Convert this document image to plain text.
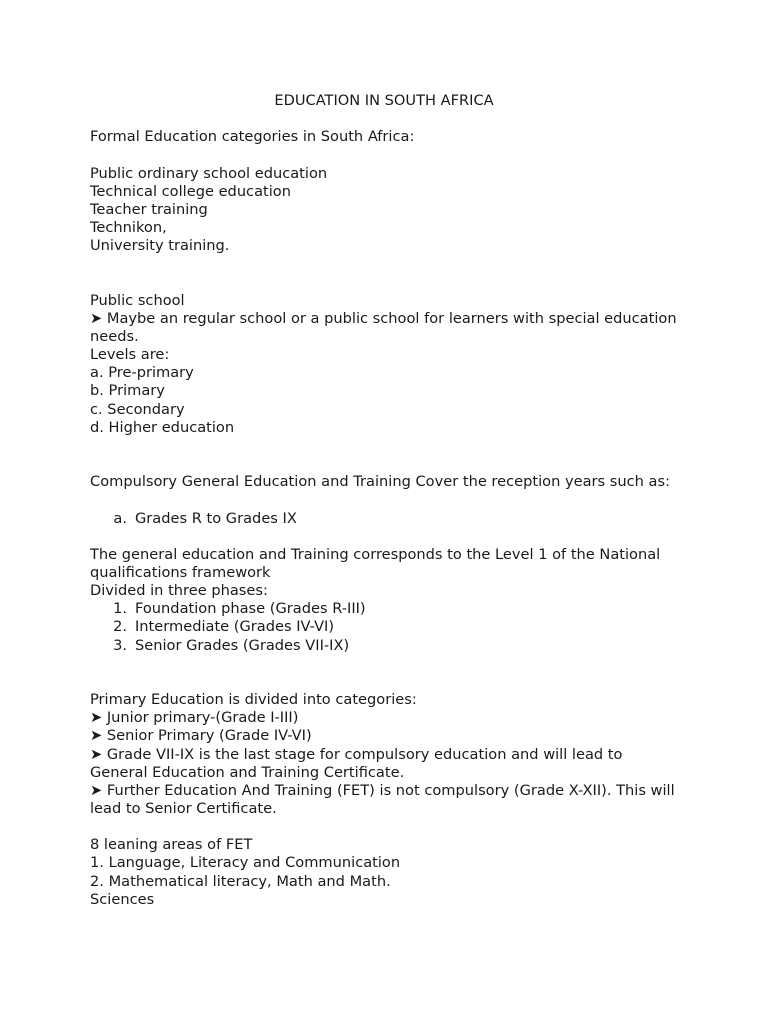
EDUCATION IN SOUTH AFRICA

Formal Education categories in South Africa:

Public ordinary school education

Technical college education

Teacher training

Technikon,

University training.

Public school

➤ Maybe an regular school or a public school for learners with special education needs.

Levels are:

a. Pre-primary

b. Primary

c. Secondary

d. Higher education

Compulsory General Education and Training Cover the reception years such as:

a. Grades R to Grades IX

The general education and Training corresponds to the Level 1 of the National qualifications framework

Divided in three phases:

1. Foundation phase (Grades R-III)
2. Intermediate (Grades IV-VI)
3. Senior Grades (Grades VII-IX)

Primary Education is divided into categories:

➤ Junior primary-(Grade I-III)

➤ Senior Primary (Grade IV-VI)

➤ Grade VII-IX is the last stage for compulsory education and will lead to General Education and Training Certificate.

➤ Further Education And Training (FET) is not compulsory (Grade X-XII). This will lead to Senior Certificate.

8 leaning areas of FET

1. Language, Literacy and Communication

2. Mathematical literacy, Math and Math.

Sciences
